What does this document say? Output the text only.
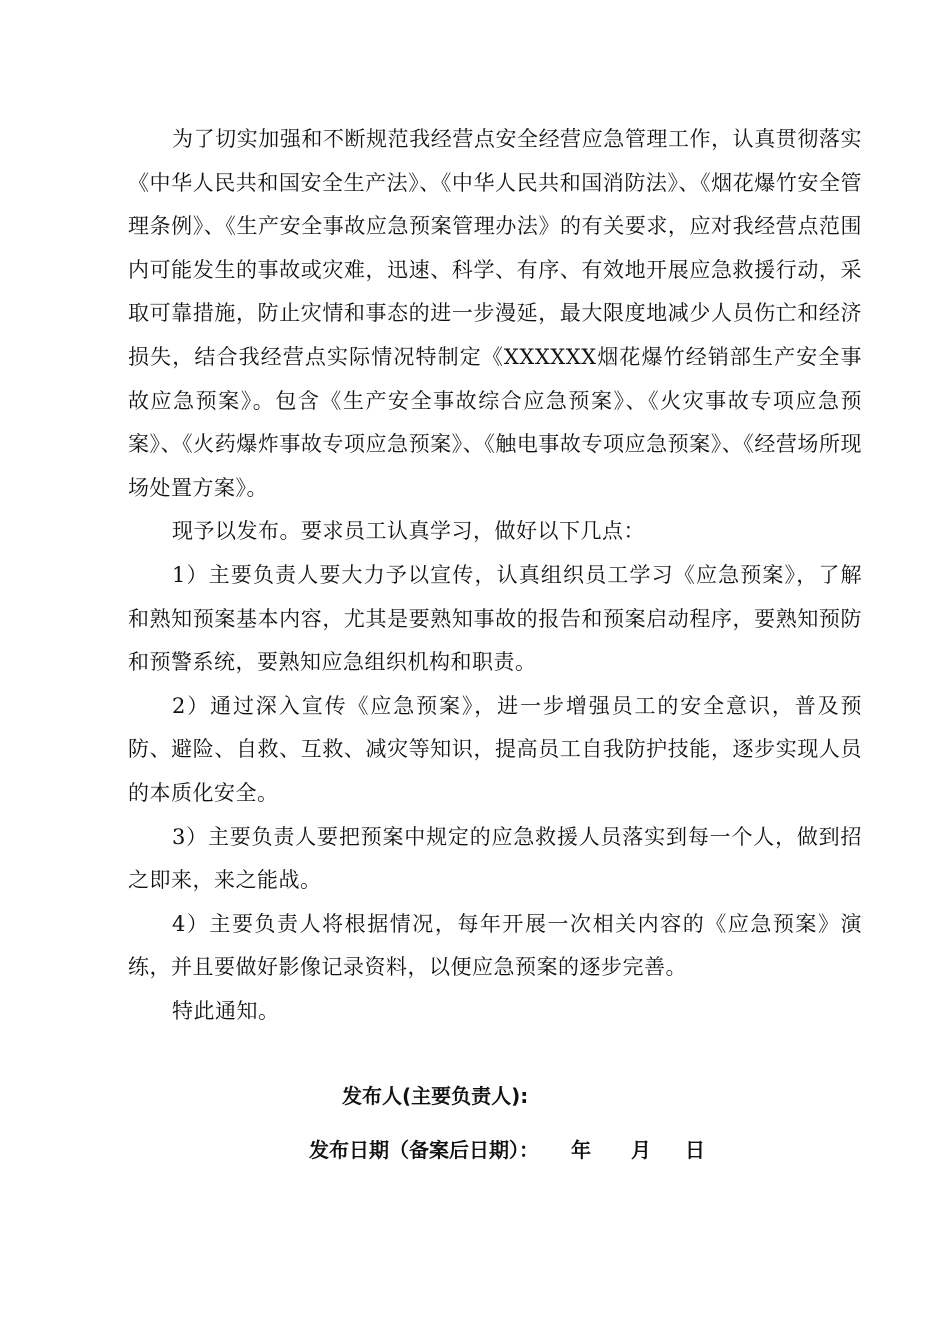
为了切实加强和不断规范我经营点安全经营应急管理工作，认真贯彻落实《中华人民共和国安全生产法》、《中华人民共和国消防法》、《烟花爆竹安全管理条例》、《生产安全事故应急预案管理办法》的有关要求，应对我经营点范围内可能发生的事故或灾难，迅速、科学、有序、有效地开展应急救援行动，采取可靠措施，防止灾情和事态的进一步漫延，最大限度地减少人员伤亡和经济损失，结合我经营点实际情况特制定《XXXXXX烟花爆竹经销部生产安全事故应急预案》。包含《生产安全事故综合应急预案》、《火灾事故专项应急预案》、《火药爆炸事故专项应急预案》、《触电事故专项应急预案》、《经营场所现场处置方案》。

现予以发布。要求员工认真学习，做好以下几点：

1）主要负责人要大力予以宣传，认真组织员工学习《应急预案》，了解和熟知预案基本内容，尤其是要熟知事故的报告和预案启动程序，要熟知预防和预警系统，要熟知应急组织机构和职责。

2）通过深入宣传《应急预案》，进一步增强员工的安全意识，普及预防、避险、自救、互救、减灾等知识，提高员工自我防护技能，逐步实现人员的本质化安全。

3）主要负责人要把预案中规定的应急救援人员落实到每一个人，做到招之即来，来之能战。

4）主要负责人将根据情况，每年开展一次相关内容的《应急预案》演练，并且要做好影像记录资料，以便应急预案的逐步完善。

特此通知。

发布人(主要负责人):
发布日期（备案后日期）： 年 月 日
